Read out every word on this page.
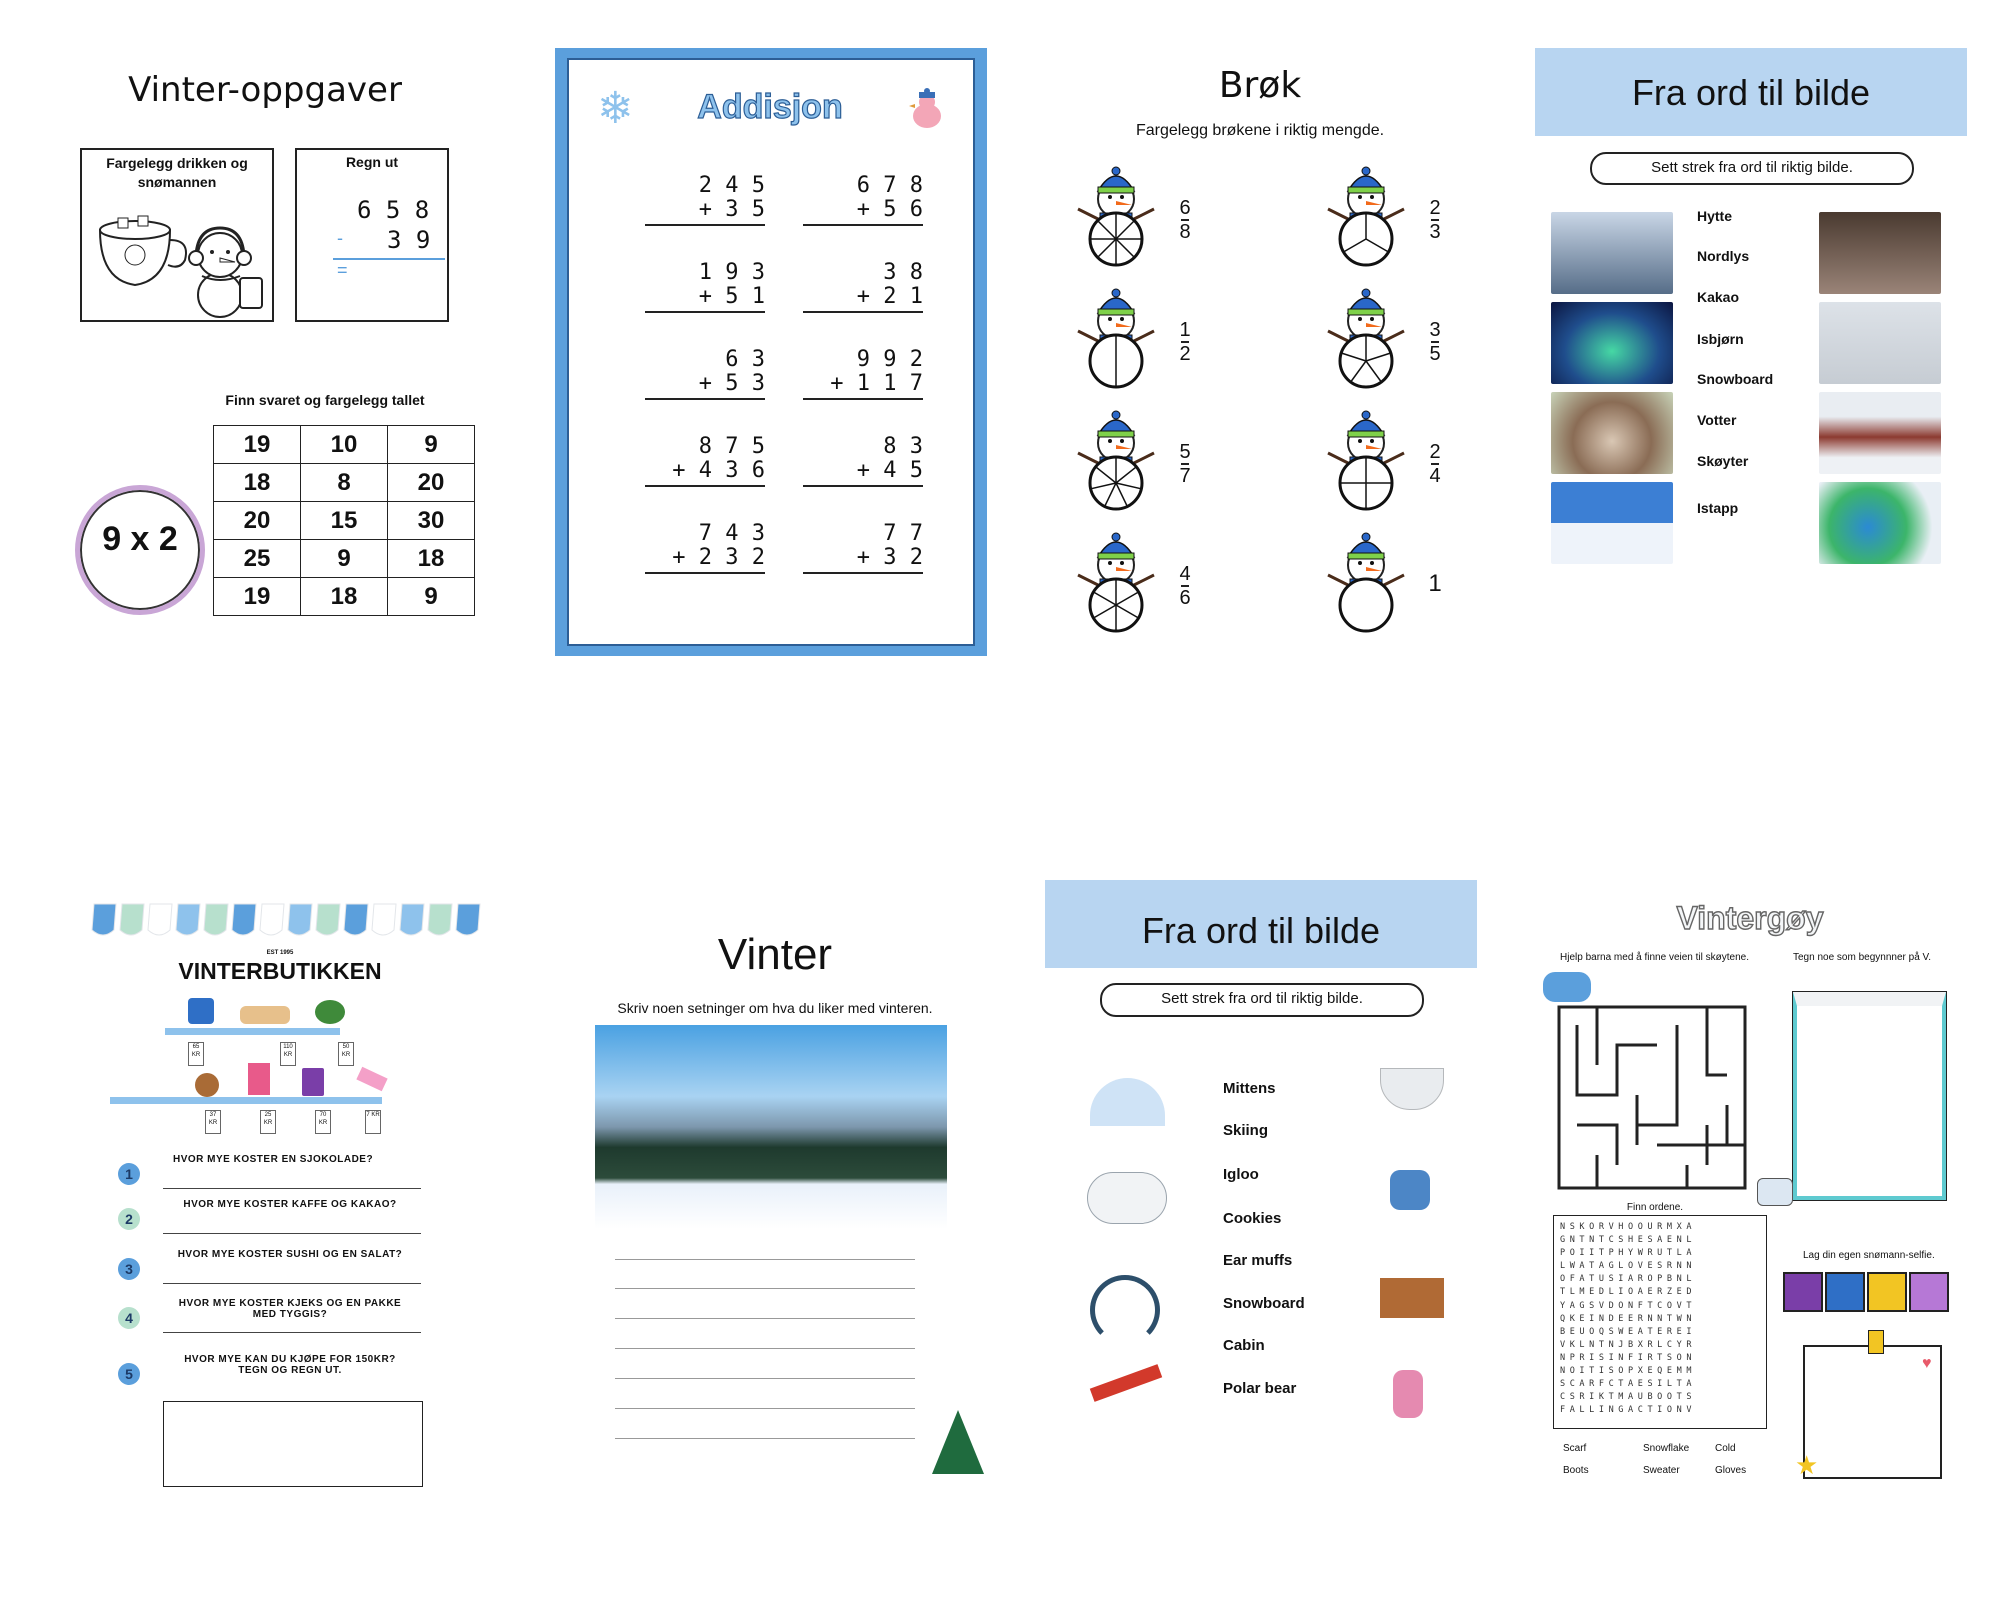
Vinter-oppgaver
Fargelegg drikken og snømannen
Regn ut
6 5 8
- 3 9
=
Finn svaret og fargelegg tallet
9 x 2
19	10	9
18	8	20
20	15	30
25	9	18
19	18	9
❄	Addisjon
2 4 5
+ 3 5
6 7 8
+ 5 6
1 9 3
+ 5 1
3 8
+ 2 1
6 3
+ 5 3
9 9 2
+ 1 1 7
8 7 5
+ 4 3 6
8 3
+ 4 5
7 4 3
+ 2 3 2
7 7
+ 3 2
Brøk
Fargelegg brøkene i riktig mengde.
6
8
2
3
1
2
3
5
5
7
2
4
4
6
1
Fra ord til bilde
Sett strek fra ord til riktig bilde.
Hytte
Nordlys
Kakao
Isbjørn
Snowboard
Votter
Skøyter
Istapp
EST 1995
VINTERBUTIKKEN
65 KR
110 KR
50 KR
37 KR
25 KR
70 KR
7 KR
1
HVOR MYE KOSTER EN SJOKOLADE?
2
HVOR MYE KOSTER KAFFE OG KAKAO?
3
HVOR MYE KOSTER SUSHI OG EN SALAT?
4
HVOR MYE KOSTER KJEKS OG EN PAKKE MED TYGGIS?
5
HVOR MYE KAN DU KJØPE FOR 150KR? TEGN OG REGN UT.
Vinter
Skriv noen setninger om hva du liker med vinteren.
Fra ord til bilde
Sett strek fra ord til riktig bilde.
Mittens
Skiing
Igloo
Cookies
Ear muffs
Snowboard
Cabin
Polar bear
Vintergøy
Hjelp barna med å finne veien til skøytene.	Tegn noe som begynnner på V.
Finn ordene.
NSKORVHOOURMXA
GNTNTCSHESAENL
POIITPHYWRUTLA
LWATAGLOVESRNN
OFATUSIAROPBNL
TLMEDLIOAERZED
YAGSVDONFTCOVT
QKEINDEERNNTWN
BEUOQSWEATEREI
VKLNTNJBXRLCYR
NPRISINFIRTSON
NOITISOPXEQEMM
SCARFCTAESILTA
CSRIKTMAUBOOTS
FALLINGACTIONV
Scarf	Snowflake	Cold
Boots	Sweater	Gloves
Lag din egen snømann-selfie.
♥
★
